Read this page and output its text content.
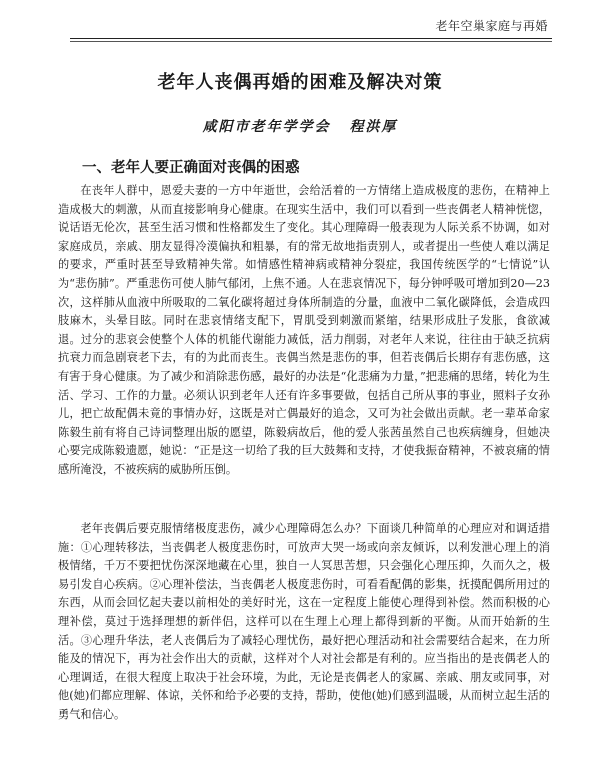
老年空巢家庭与再婚
老年人丧偶再婚的困难及解决对策
咸阳市老年学学会 程洪厚
一、老年人要正确面对丧偶的困惑

在丧年人群中，恩爱夫妻的一方中年逝世，会给活着的一方情绪上造成极度的悲伤，在精神上造成极大的刺激，从而直接影响身心健康。在现实生活中，我们可以看到一些丧偶老人精神恍惚，说话语无伦次，甚至生活习惯和性格都发生了变化。其心理障碍一般表现为人际关系不协调，如对家庭成员，亲戚、朋友显得冷漠偏执和粗暴，有的常无故地指责别人，或者提出一些使人难以满足的要求，严重时甚至导致精神失常。如情感性精神病或精神分裂症，我国传统医学的“七情说”认为“悲伤肺”。严重悲伤可使人肺气郁闭，上焦不通。人在悲哀情况下，每分钟呼吸可增加到20—23次，这样肺从血液中所吸取的二氧化碳将超过身体所制造的分量，血液中二氧化碳降低，会造成四肢麻木，头晕目眩。同时在悲哀情绪支配下，胃肌受到刺激而紧缩，结果形成肚子发胀，食欲减退。过分的悲哀会使整个人体的机能代谢能力减低，活力削弱，对老年人来说，往往由于缺乏抗病抗衰力而急剧衰老下去，有的为此而丧生。丧偶当然是悲伤的事，但若丧偶后长期存有悲伤感，这有害于身心健康。为了减少和消除悲伤感，最好的办法是“化悲痛为力量，”把悲痛的思绪，转化为生活、学习、工作的力量。必须认识到老年人还有许多事要做，包括自己所从事的事业，照料子女孙儿，把亡故配偶未竟的事情办好，这既是对亡偶最好的追念，又可为社会做出贡献。老一辈革命家陈毅生前有将自己诗词整理出版的愿望，陈毅病故后，他的爱人张茜虽然自己也疾病缠身，但她决心要完成陈毅遗愿，她说：“正是这一切给了我的巨大鼓舞和支持，才使我振奋精神，不被哀痛的情感所淹没，不被疾病的威胁所压倒。

老年丧偶后要克服情绪极度悲伤，减少心理障碍怎么办？下面谈几种简单的心理应对和调适措施：①心理转移法，当丧偶老人极度悲伤时，可放声大哭一场或向亲友倾诉，以利发泄心理上的消极情绪，千万不要把忧伤深深地藏在心里，独自一人冥思苦想，只会强化心理压抑，久而久之，极易引发自心疾病。②心理补偿法，当丧偶老人极度悲伤时，可看看配偶的影集，抚摸配偶所用过的东西，从而会回忆起夫妻以前相处的美好时光，这在一定程度上能使心理得到补偿。然而积极的心理补偿，莫过于选择理想的新伴侣，这样可以在生理上心理上都得到新的平衡。从而开始新的生活。③心理升华法，老人丧偶后为了减轻心理忧伤，最好把心理活动和社会需要结合起来，在力所能及的情况下，再为社会作出大的贡献，这样对个人对社会都是有利的。应当指出的是丧偶老人的心理调适，在很大程度上取决于社会环境，为此，无论是丧偶老人的家属、亲戚、朋友或同事，对他(她)们都应理解、体谅，关怀和给予必要的支持，帮助，使他(她)们感到温暖，从而树立起生活的勇气和信心。
